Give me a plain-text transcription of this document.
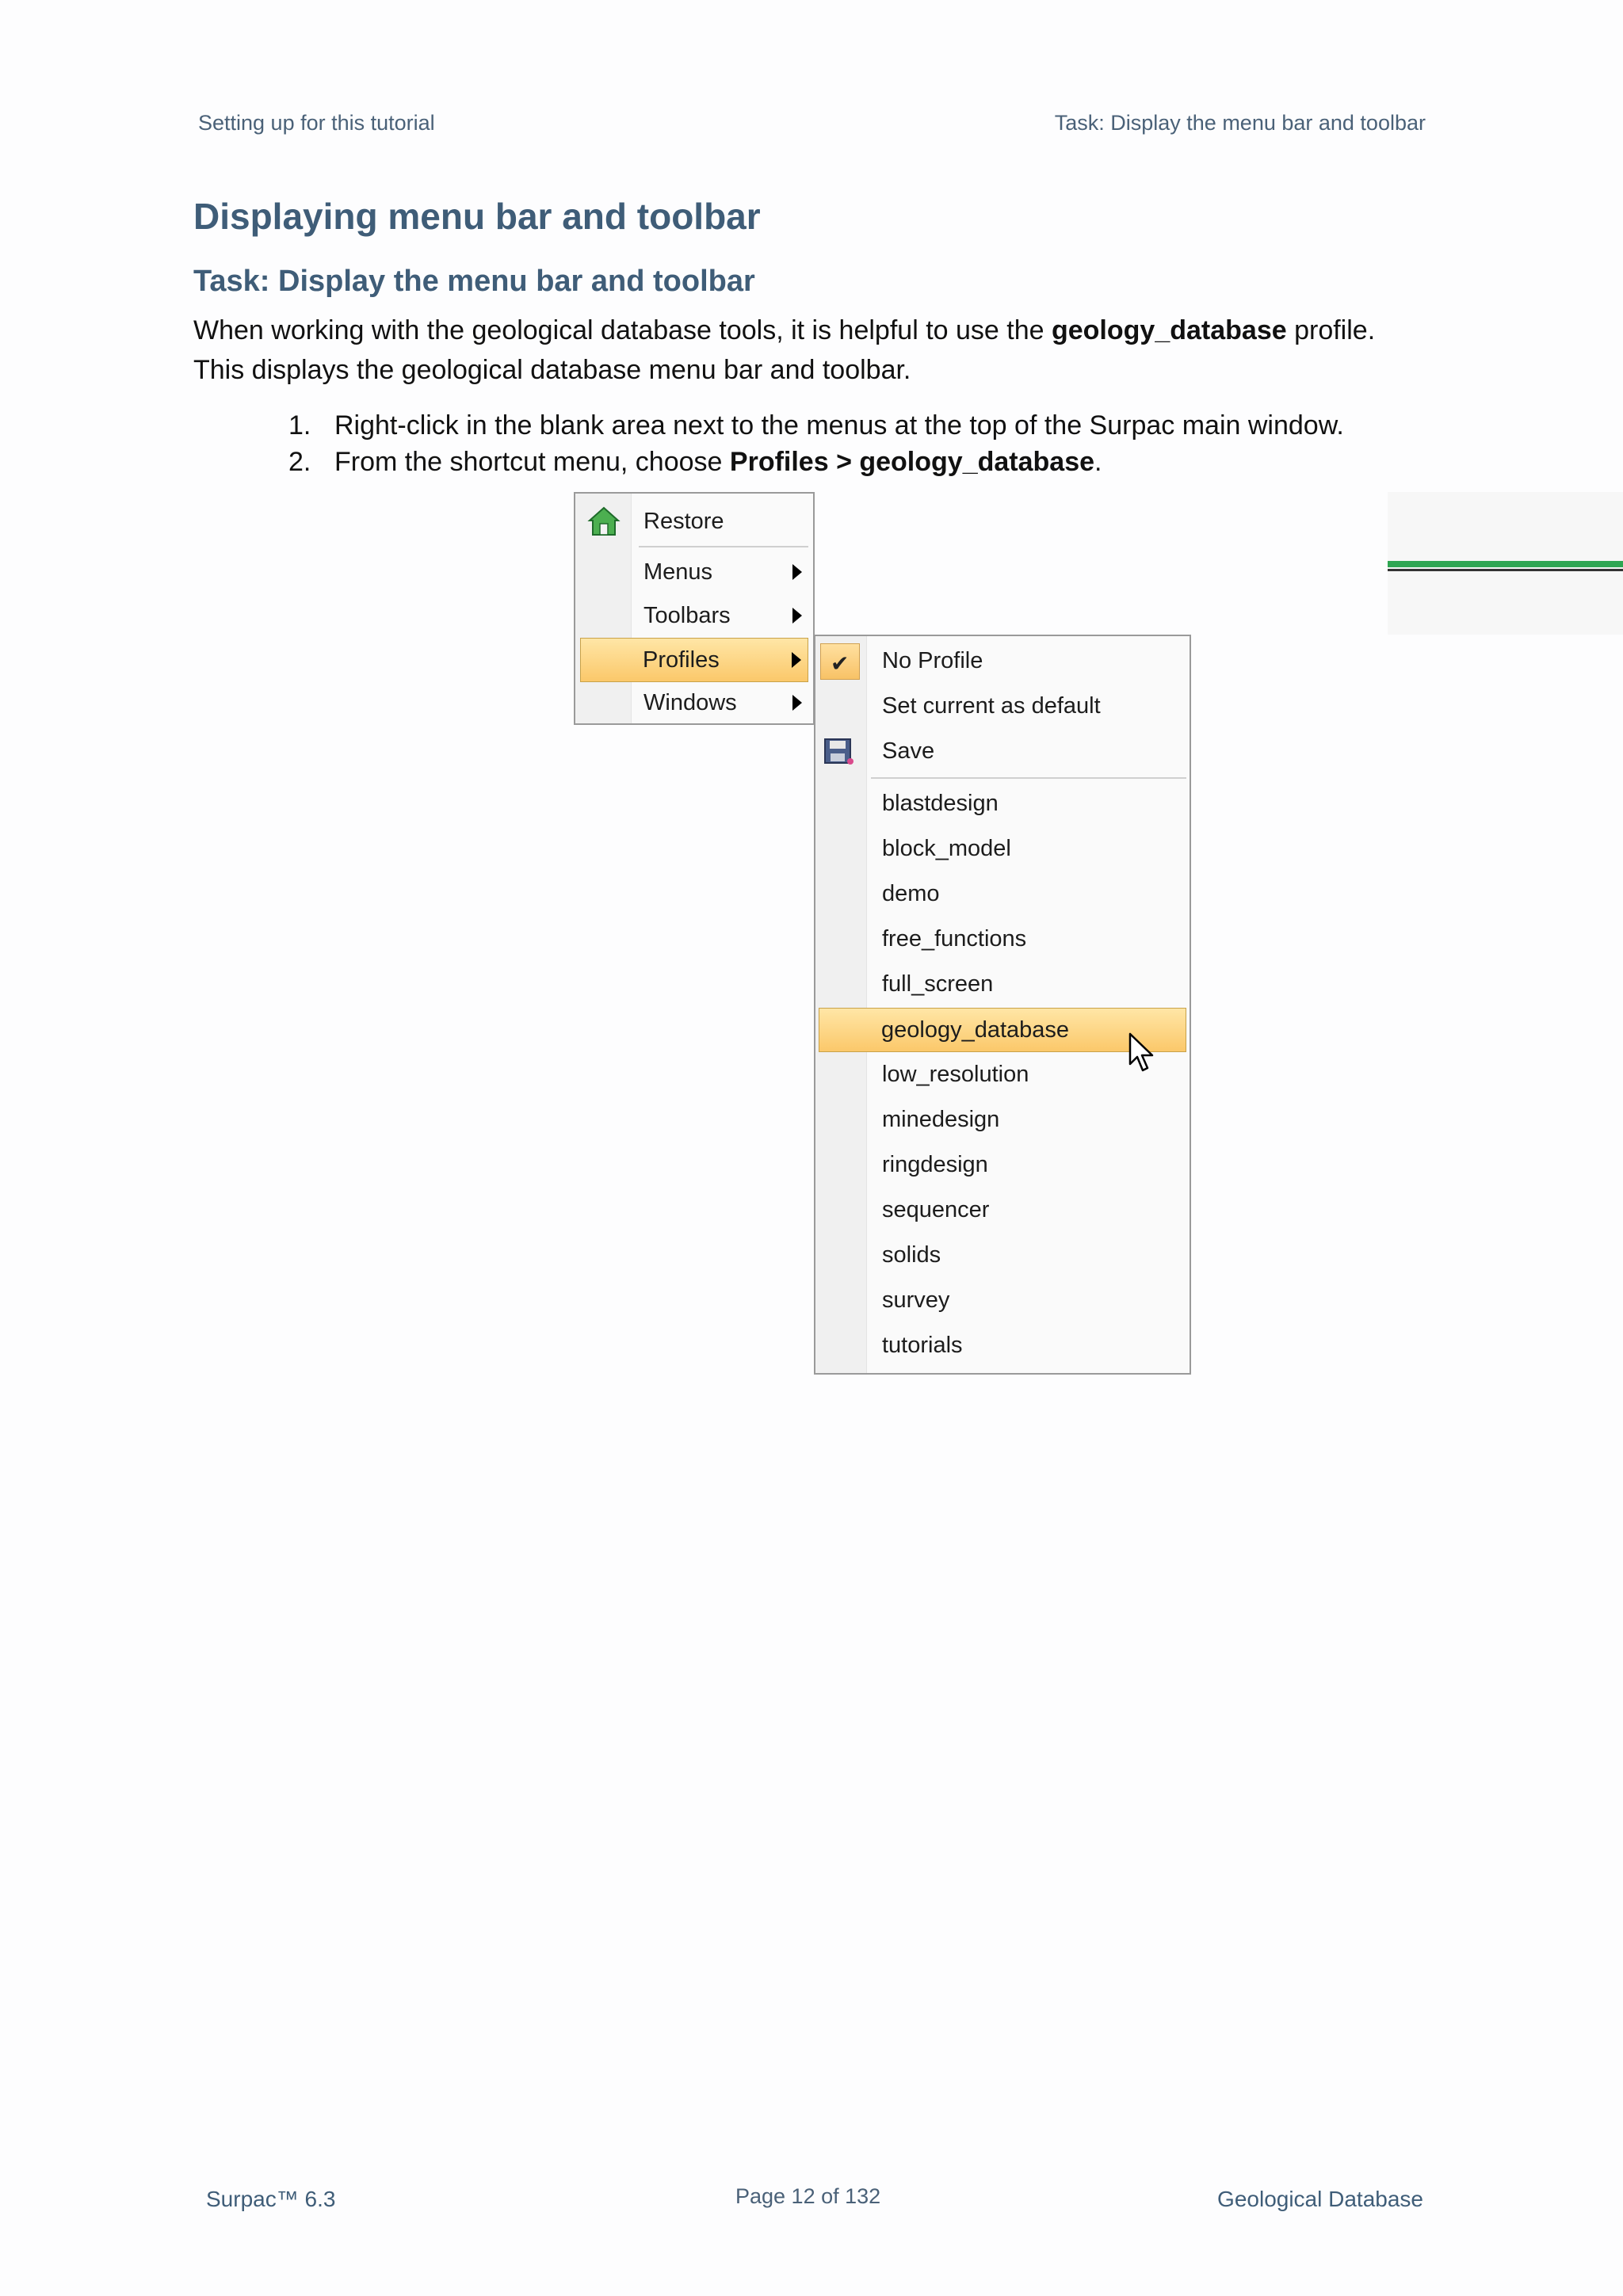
Setting up for this tutorial	Task: Display the menu bar and toolbar
Displaying menu bar and toolbar
Task: Display the menu bar and toolbar
When working with the geological database tools, it is helpful to use the geology_database profile.
This displays the geological database menu bar and toolbar.
1. Right-click in the blank area next to the menus at the top of the Surpac main window.
2. From the shortcut menu, choose Profiles > geology_database.
Restore
Menus
Toolbars
Profiles
Windows
✔ No Profile
Set current as default
Save
blastdesign
block_model
demo
free_functions
full_screen
geology_database
low_resolution
minedesign
ringdesign
sequencer
solids
survey
tutorials
Surpac™ 6.3	Page 12 of 132	Geological Database
